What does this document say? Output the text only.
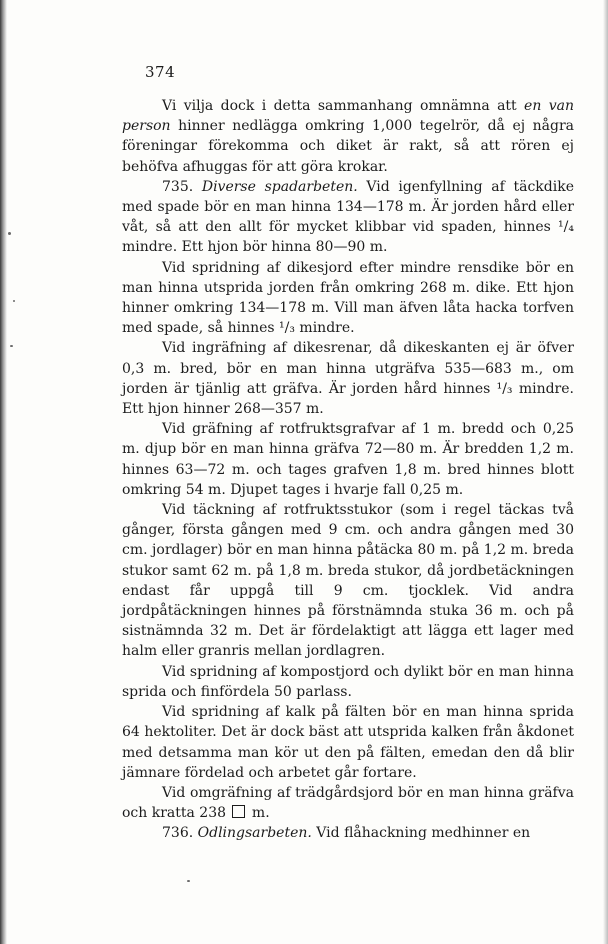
374

Vi vilja dock i detta sammanhang omnämna att en van person hinner nedlägga omkring 1,000 tegelrör, då ej några föreningar förekomma och diket är rakt, så att rören ej behöfva afhuggas för att göra krokar.

735. Diverse spadarbeten. Vid igenfyllning af täckdike med spade bör en man hinna 134—178 m. Är jorden hård eller våt, så att den allt för mycket klibbar vid spaden, hinnes ¹/₄ mindre. Ett hjon bör hinna 80—90 m.

Vid spridning af dikesjord efter mindre rensdike bör en man hinna utsprida jorden från omkring 268 m. dike. Ett hjon hinner omkring 134—178 m. Vill man äfven låta hacka torfven med spade, så hinnes ¹/₃ mindre.

Vid ingräfning af dikesrenar, då dikeskanten ej är öfver 0,3 m. bred, bör en man hinna utgräfva 535—683 m., om jorden är tjänlig att gräfva. Är jorden hård hinnes ¹/₃ mindre. Ett hjon hinner 268—357 m.

Vid gräfning af rotfruktsgrafvar af 1 m. bredd och 0,25 m. djup bör en man hinna gräfva 72—80 m. Är bredden 1,2 m. hinnes 63—72 m. och tages grafven 1,8 m. bred hinnes blott omkring 54 m. Djupet tages i hvarje fall 0,25 m.

Vid täckning af rotfruktsstukor (som i regel täckas två gånger, första gången med 9 cm. och andra gången med 30 cm. jordlager) bör en man hinna påtäcka 80 m. på 1,2 m. breda stukor samt 62 m. på 1,8 m. breda stukor, då jordbetäckningen endast får uppgå till 9 cm. tjocklek. Vid andra jordpåtäckningen hinnes på förstnämnda stuka 36 m. och på sistnämnda 32 m. Det är fördelaktigt att lägga ett lager med halm eller granris mellan jordlagren.

Vid spridning af kompostjord och dylikt bör en man hinna sprida och finfördela 50 parlass.

Vid spridning af kalk på fälten bör en man hinna sprida 64 hektoliter. Det är dock bäst att utsprida kalken från åkdonet med detsamma man kör ut den på fälten, emedan den då blir jämnare fördelad och arbetet går fortare.

Vid omgräfning af trädgårdsjord bör en man hinna gräfva och kratta 238  m.

736. Odlingsarbeten. Vid flåhackning medhinner en
